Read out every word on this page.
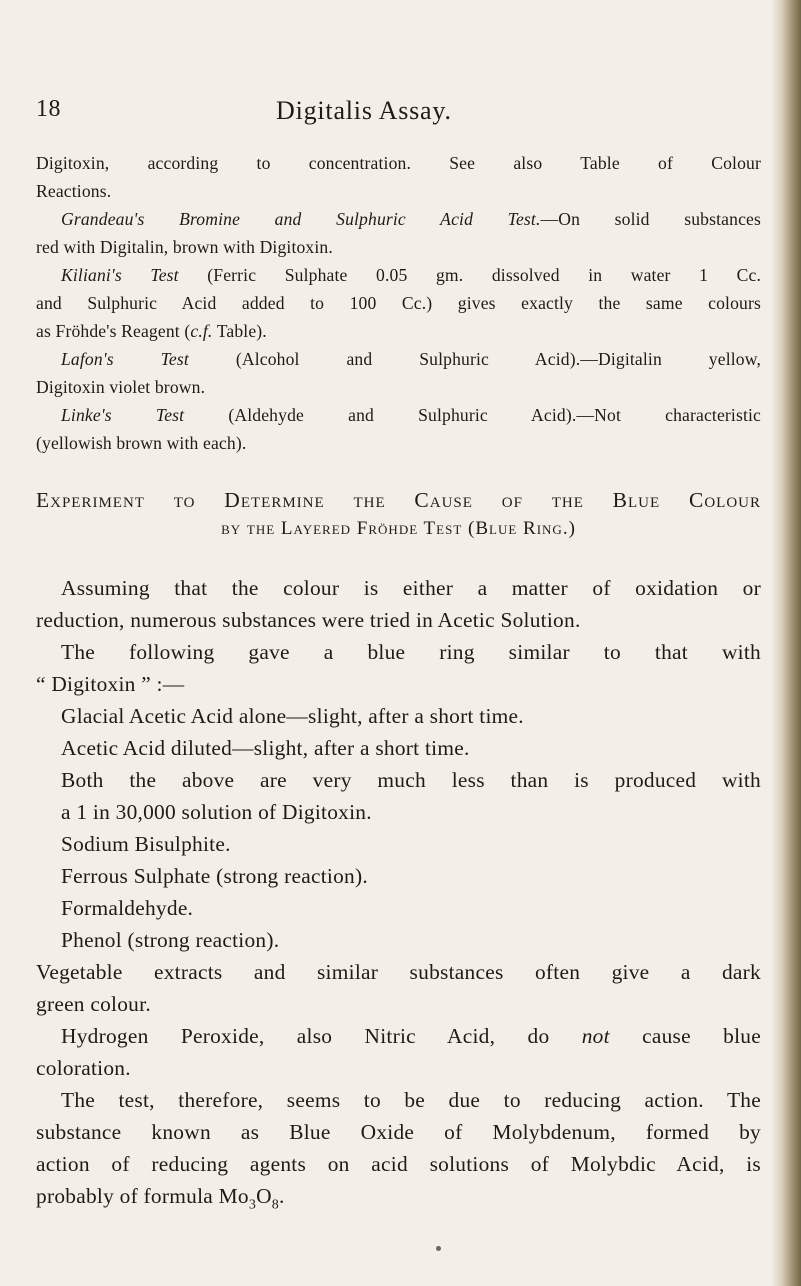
18	Digitalis Assay.
Digitoxin, according to concentration. See also Table of Colour
Reactions.
Grandeau's Bromine and Sulphuric Acid Test.—On solid substances
red with Digitalin, brown with Digitoxin.
Kiliani's Test (Ferric Sulphate 0.05 gm. dissolved in water 1 Cc.
and Sulphuric Acid added to 100 Cc.) gives exactly the same colours
as Fröhde's Reagent (c.f. Table).
Lafon's Test (Alcohol and Sulphuric Acid).—Digitalin yellow,
Digitoxin violet brown.
Linke's Test (Aldehyde and Sulphuric Acid).—Not characteristic
(yellowish brown with each).
Experiment to Determine the Cause of the Blue Colour
by the Layered Fröhde Test (Blue Ring.)
Assuming that the colour is either a matter of oxidation or
reduction, numerous substances were tried in Acetic Solution.
The following gave a blue ring similar to that with
“ Digitoxin ” :—
Glacial Acetic Acid alone—slight, after a short time.
Acetic Acid diluted—slight, after a short time.
Both the above are very much less than is produced with
a 1 in 30,000 solution of Digitoxin.
Sodium Bisulphite.
Ferrous Sulphate (strong reaction).
Formaldehyde.
Phenol (strong reaction).
Vegetable extracts and similar substances often give a dark
green colour.
Hydrogen Peroxide, also Nitric Acid, do not cause blue
coloration.
The test, therefore, seems to be due to reducing action. The
substance known as Blue Oxide of Molybdenum, formed by
action of reducing agents on acid solutions of Molybdic Acid, is
probably of formula $Mo_3O_8$.
